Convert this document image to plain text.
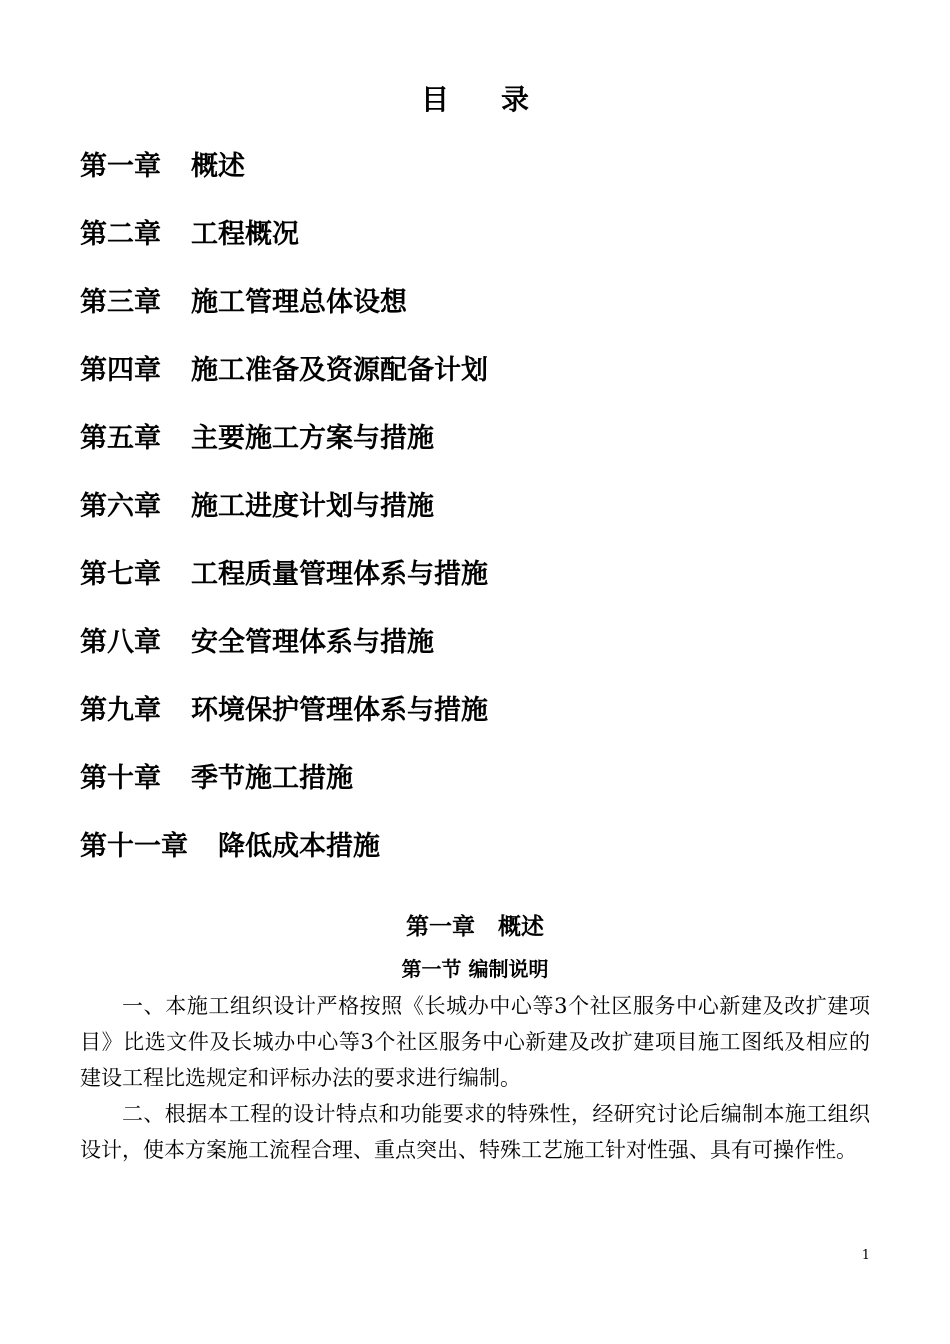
目录
第一章 概述
第二章 工程概况
第三章 施工管理总体设想
第四章 施工准备及资源配备计划
第五章 主要施工方案与措施
第六章 施工进度计划与措施
第七章 工程质量管理体系与措施
第八章 安全管理体系与措施
第九章 环境保护管理体系与措施
第十章 季节施工措施
第十一章 降低成本措施
第一章　概述
第一节 编制说明

一、本施工组织设计严格按照《长城办中心等3个社区服务中心新建及改扩建项目》比选文件及长城办中心等3个社区服务中心新建及改扩建项目施工图纸及相应的建设工程比选规定和评标办法的要求进行编制。

二、根据本工程的设计特点和功能要求的特殊性，经研究讨论后编制本施工组织设计，使本方案施工流程合理、重点突出、特殊工艺施工针对性强、具有可操作性。

1
